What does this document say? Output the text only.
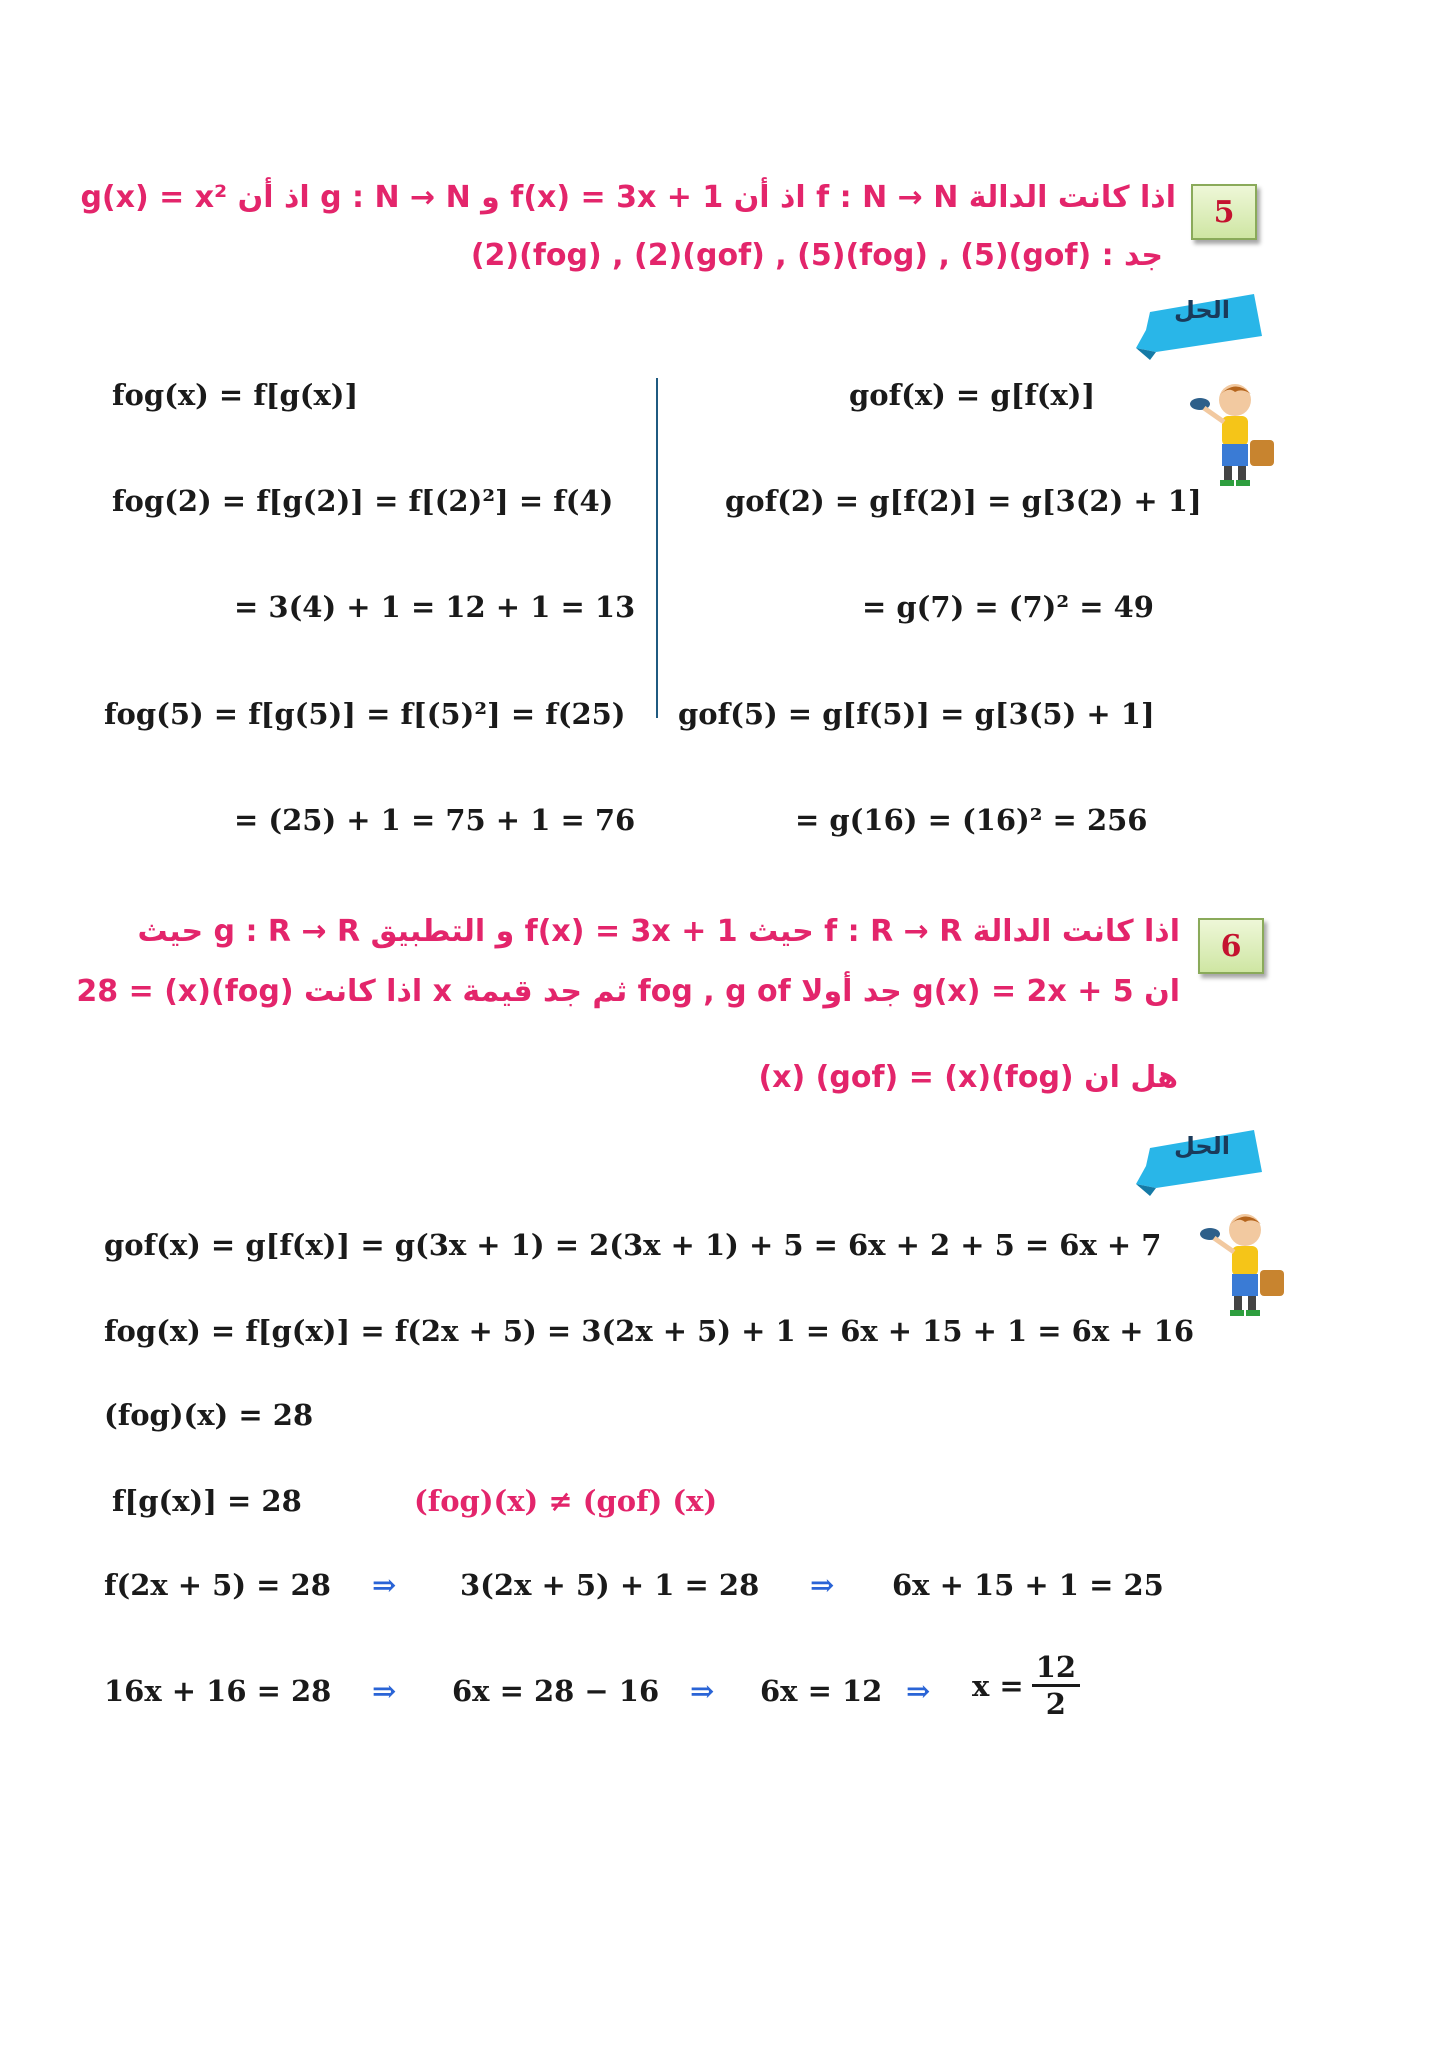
5
اذا كانت الدالة f : N → N اذ أن f(x) = 3x + 1 و g : N → N اذ أن g(x) = x²
جد : (gof)(5) , (fog)(5) , (gof)(2) , (fog)(2)
الحل
fog(x) = f[g(x)]
fog(2) = f[g(2)] = f[(2)²] = f(4)
= 3(4) + 1 = 12 + 1 = 13
fog(5) = f[g(5)] = f[(5)²] = f(25)
= (25) + 1 = 75 + 1 = 76
gof(x) = g[f(x)]
gof(2) = g[f(2)] = g[3(2) + 1]
= g(7) = (7)² = 49
gof(5) = g[f(5)] = g[3(5) + 1]
= g(16) = (16)² = 256
6
اذا كانت الدالة f : R → R حيث f(x) = 3x + 1 و التطبيق g : R → R حيث
ان g(x) = 2x + 5 جد أولا fog , g of ثم جد قيمة x اذا كانت (fog)(x) = 28
هل ان (fog)(x) = (gof) (x)
الحل
gof(x) = g[f(x)] = g(3x + 1) = 2(3x + 1) + 5 = 6x + 2 + 5 = 6x + 7
fog(x) = f[g(x)] = f(2x + 5) = 3(2x + 5) + 1 = 6x + 15 + 1 = 6x + 16
(fog)(x) = 28
f[g(x)] = 28	(fog)(x) ≠ (gof) (x)
f(2x + 5) = 28 ⇒ 3(2x + 5) + 1 = 28 ⇒ 6x + 15 + 1 = 25
16x + 16 = 28 ⇒ 6x = 28 − 16 ⇒ 6x = 12 ⇒ $x = \frac{12}{2}$
